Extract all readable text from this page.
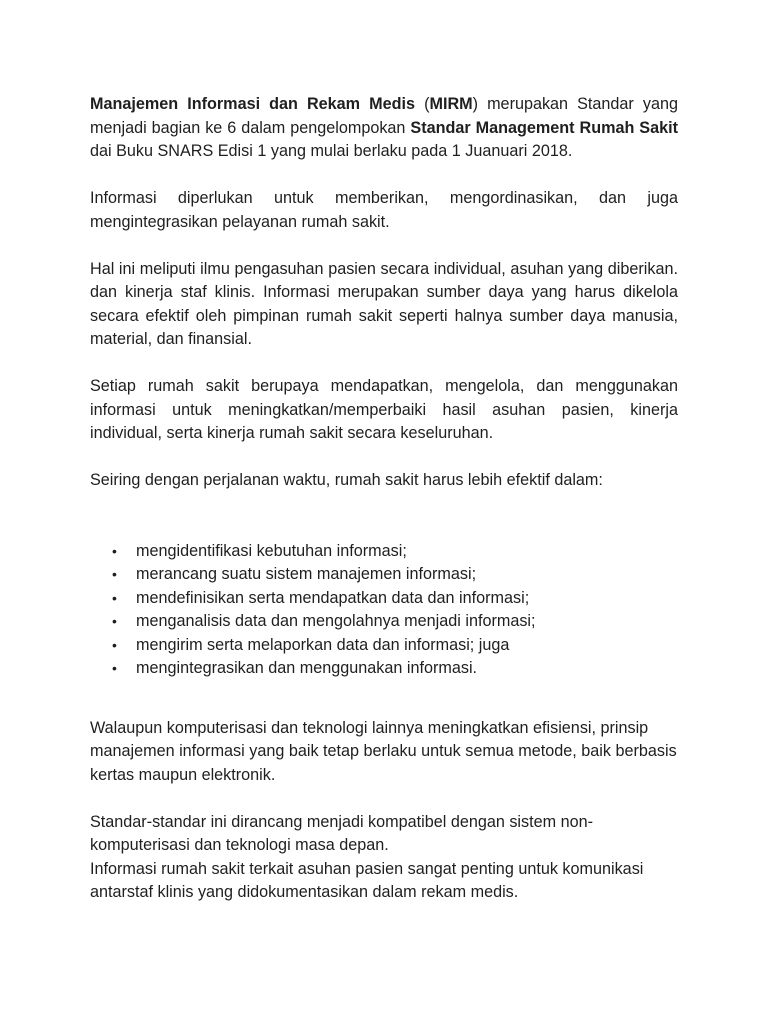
Manajemen Informasi dan Rekam Medis (MIRM) merupakan Standar yang menjadi bagian ke 6 dalam pengelompokan Standar Management Rumah Sakit dai Buku SNARS Edisi 1 yang mulai berlaku pada 1 Juanuari 2018.

Informasi diperlukan untuk memberikan, mengordinasikan, dan juga mengintegrasikan pelayanan rumah sakit.

Hal ini meliputi ilmu pengasuhan pasien secara individual, asuhan yang diberikan. dan kinerja staf klinis. Informasi merupakan sumber daya yang harus dikelola secara efektif oleh pimpinan rumah sakit seperti halnya sumber daya manusia, material, dan finansial.

Setiap rumah sakit berupaya mendapatkan, mengelola, dan menggunakan informasi untuk meningkatkan/memperbaiki hasil asuhan pasien, kinerja individual, serta kinerja rumah sakit secara keseluruhan.

Seiring dengan perjalanan waktu, rumah sakit harus lebih efektif dalam:

• mengidentifikasi kebutuhan informasi;
• merancang suatu sistem manajemen informasi;
• mendefinisikan serta mendapatkan data dan informasi;
• menganalisis data dan mengolahnya menjadi informasi;
• mengirim serta melaporkan data dan informasi; juga
• mengintegrasikan dan menggunakan informasi.

Walaupun komputerisasi dan teknologi lainnya meningkatkan efisiensi, prinsip manajemen informasi yang baik tetap berlaku untuk semua metode, baik berbasis kertas maupun elektronik.

Standar-standar ini dirancang menjadi kompatibel dengan sistem non-komputerisasi dan teknologi masa depan.

Informasi rumah sakit terkait asuhan pasien sangat penting untuk komunikasi antarstaf klinis yang didokumentasikan dalam rekam medis.
